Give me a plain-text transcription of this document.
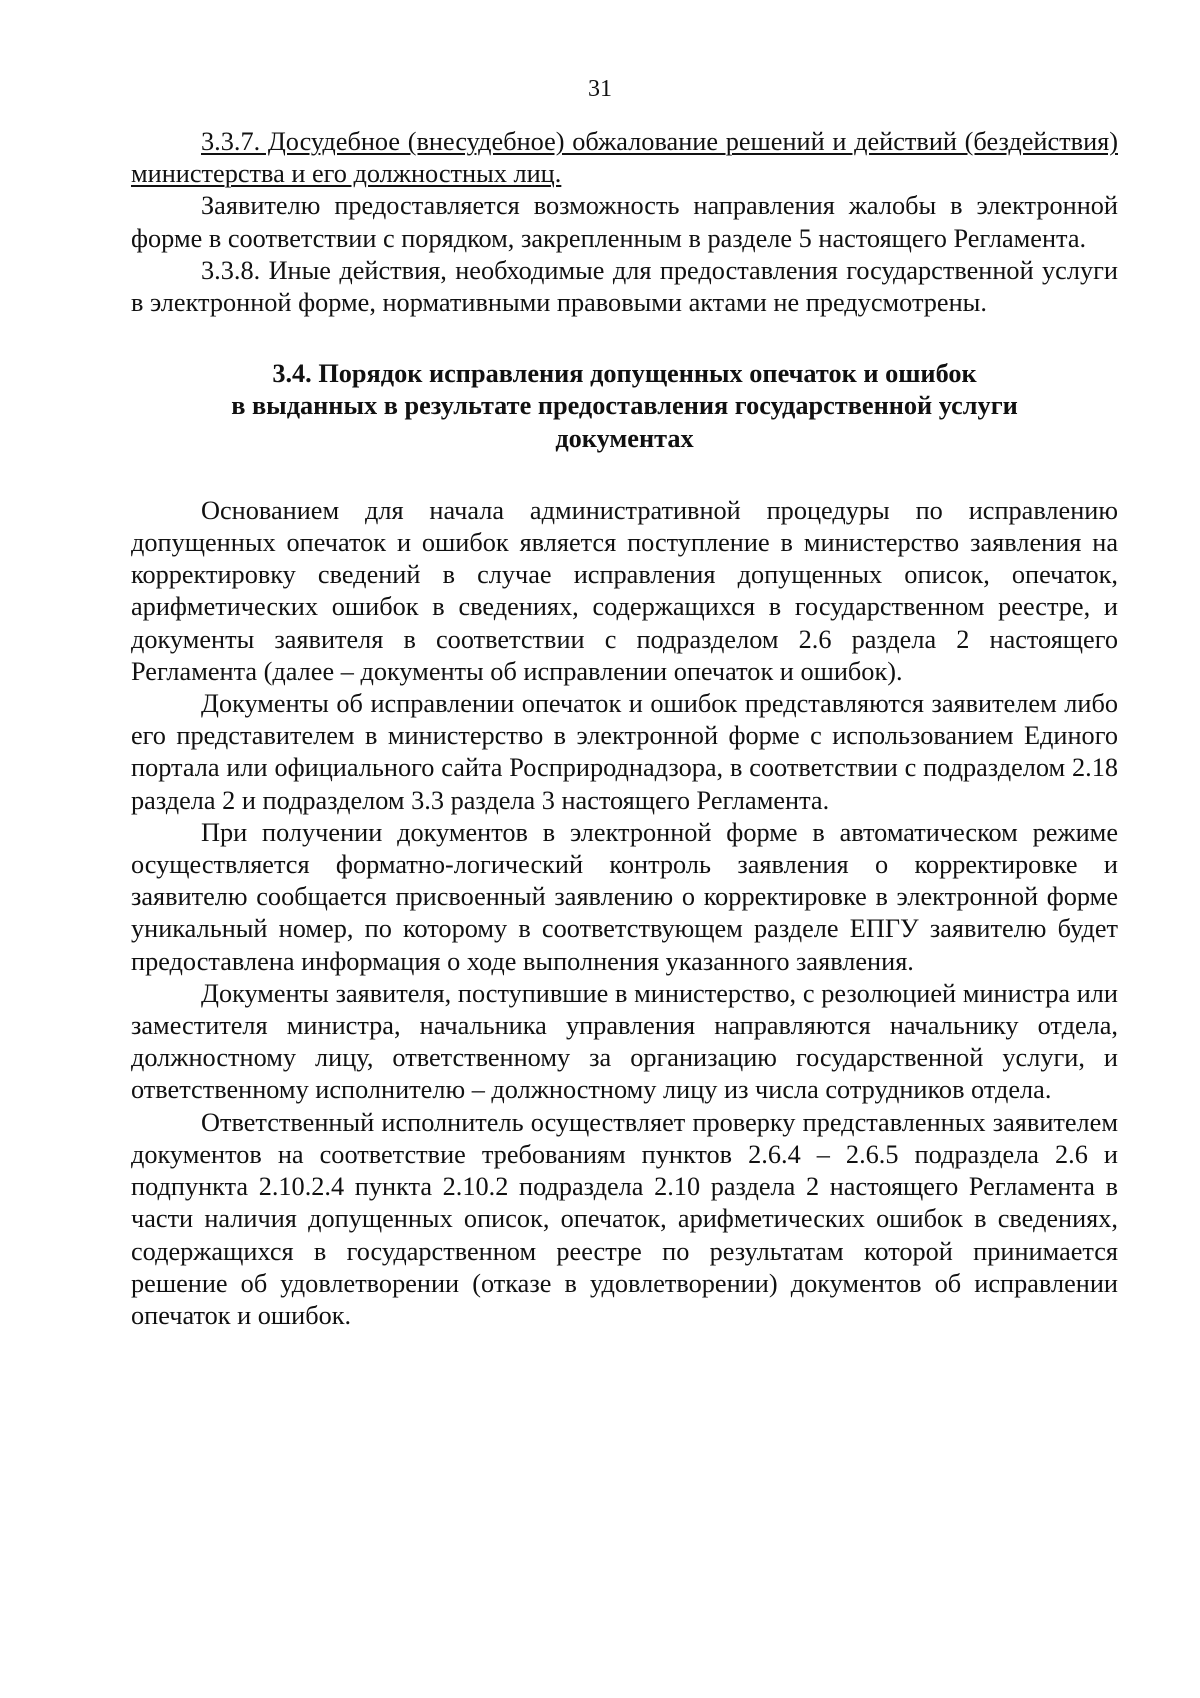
31

3.3.7. Досудебное (внесудебное) обжалование решений и действий (бездействия) министерства и его должностных лиц.

Заявителю предоставляется возможность направления жалобы в электронной форме в соответствии с порядком, закрепленным в разделе 5 настоящего Регламента.

3.3.8. Иные действия, необходимые для предоставления государственной услуги в электронной форме, нормативными правовыми актами не предусмотрены.

3.4. Порядок исправления допущенных опечаток и ошибок
в выданных в результате предоставления государственной услуги
документах

Основанием для начала административной процедуры по исправлению допущенных опечаток и ошибок является поступление в министерство заявления на корректировку сведений в случае исправления допущенных описок, опечаток, арифметических ошибок в сведениях, содержащихся в государственном реестре, и документы заявителя в соответствии с подразделом 2.6 раздела 2 настоящего Регламента (далее – документы об исправлении опечаток и ошибок).

Документы об исправлении опечаток и ошибок представляются заявителем либо его представителем в министерство в электронной форме с использованием Единого портала или официального сайта Росприроднадзора, в соответствии с подразделом 2.18 раздела 2 и подразделом 3.3 раздела 3 настоящего Регламента.

При получении документов в электронной форме в автоматическом режиме осуществляется форматно-логический контроль заявления о корректировке и заявителю сообщается присвоенный заявлению о корректировке в электронной форме уникальный номер, по которому в соответствующем разделе ЕПГУ заявителю будет предоставлена информация о ходе выполнения указанного заявления.

Документы заявителя, поступившие в министерство, с резолюцией министра или заместителя министра, начальника управления направляются начальнику отдела, должностному лицу, ответственному за организацию государственной услуги, и ответственному исполнителю – должностному лицу из числа сотрудников отдела.

Ответственный исполнитель осуществляет проверку представленных заявителем документов на соответствие требованиям пунктов 2.6.4 – 2.6.5 подраздела 2.6 и подпункта 2.10.2.4 пункта 2.10.2 подраздела 2.10 раздела 2 настоящего Регламента в части наличия допущенных описок, опечаток, арифметических ошибок в сведениях, содержащихся в государственном реестре по результатам которой принимается решение об удовлетворении (отказе в удовлетворении) документов об исправлении опечаток и ошибок.
